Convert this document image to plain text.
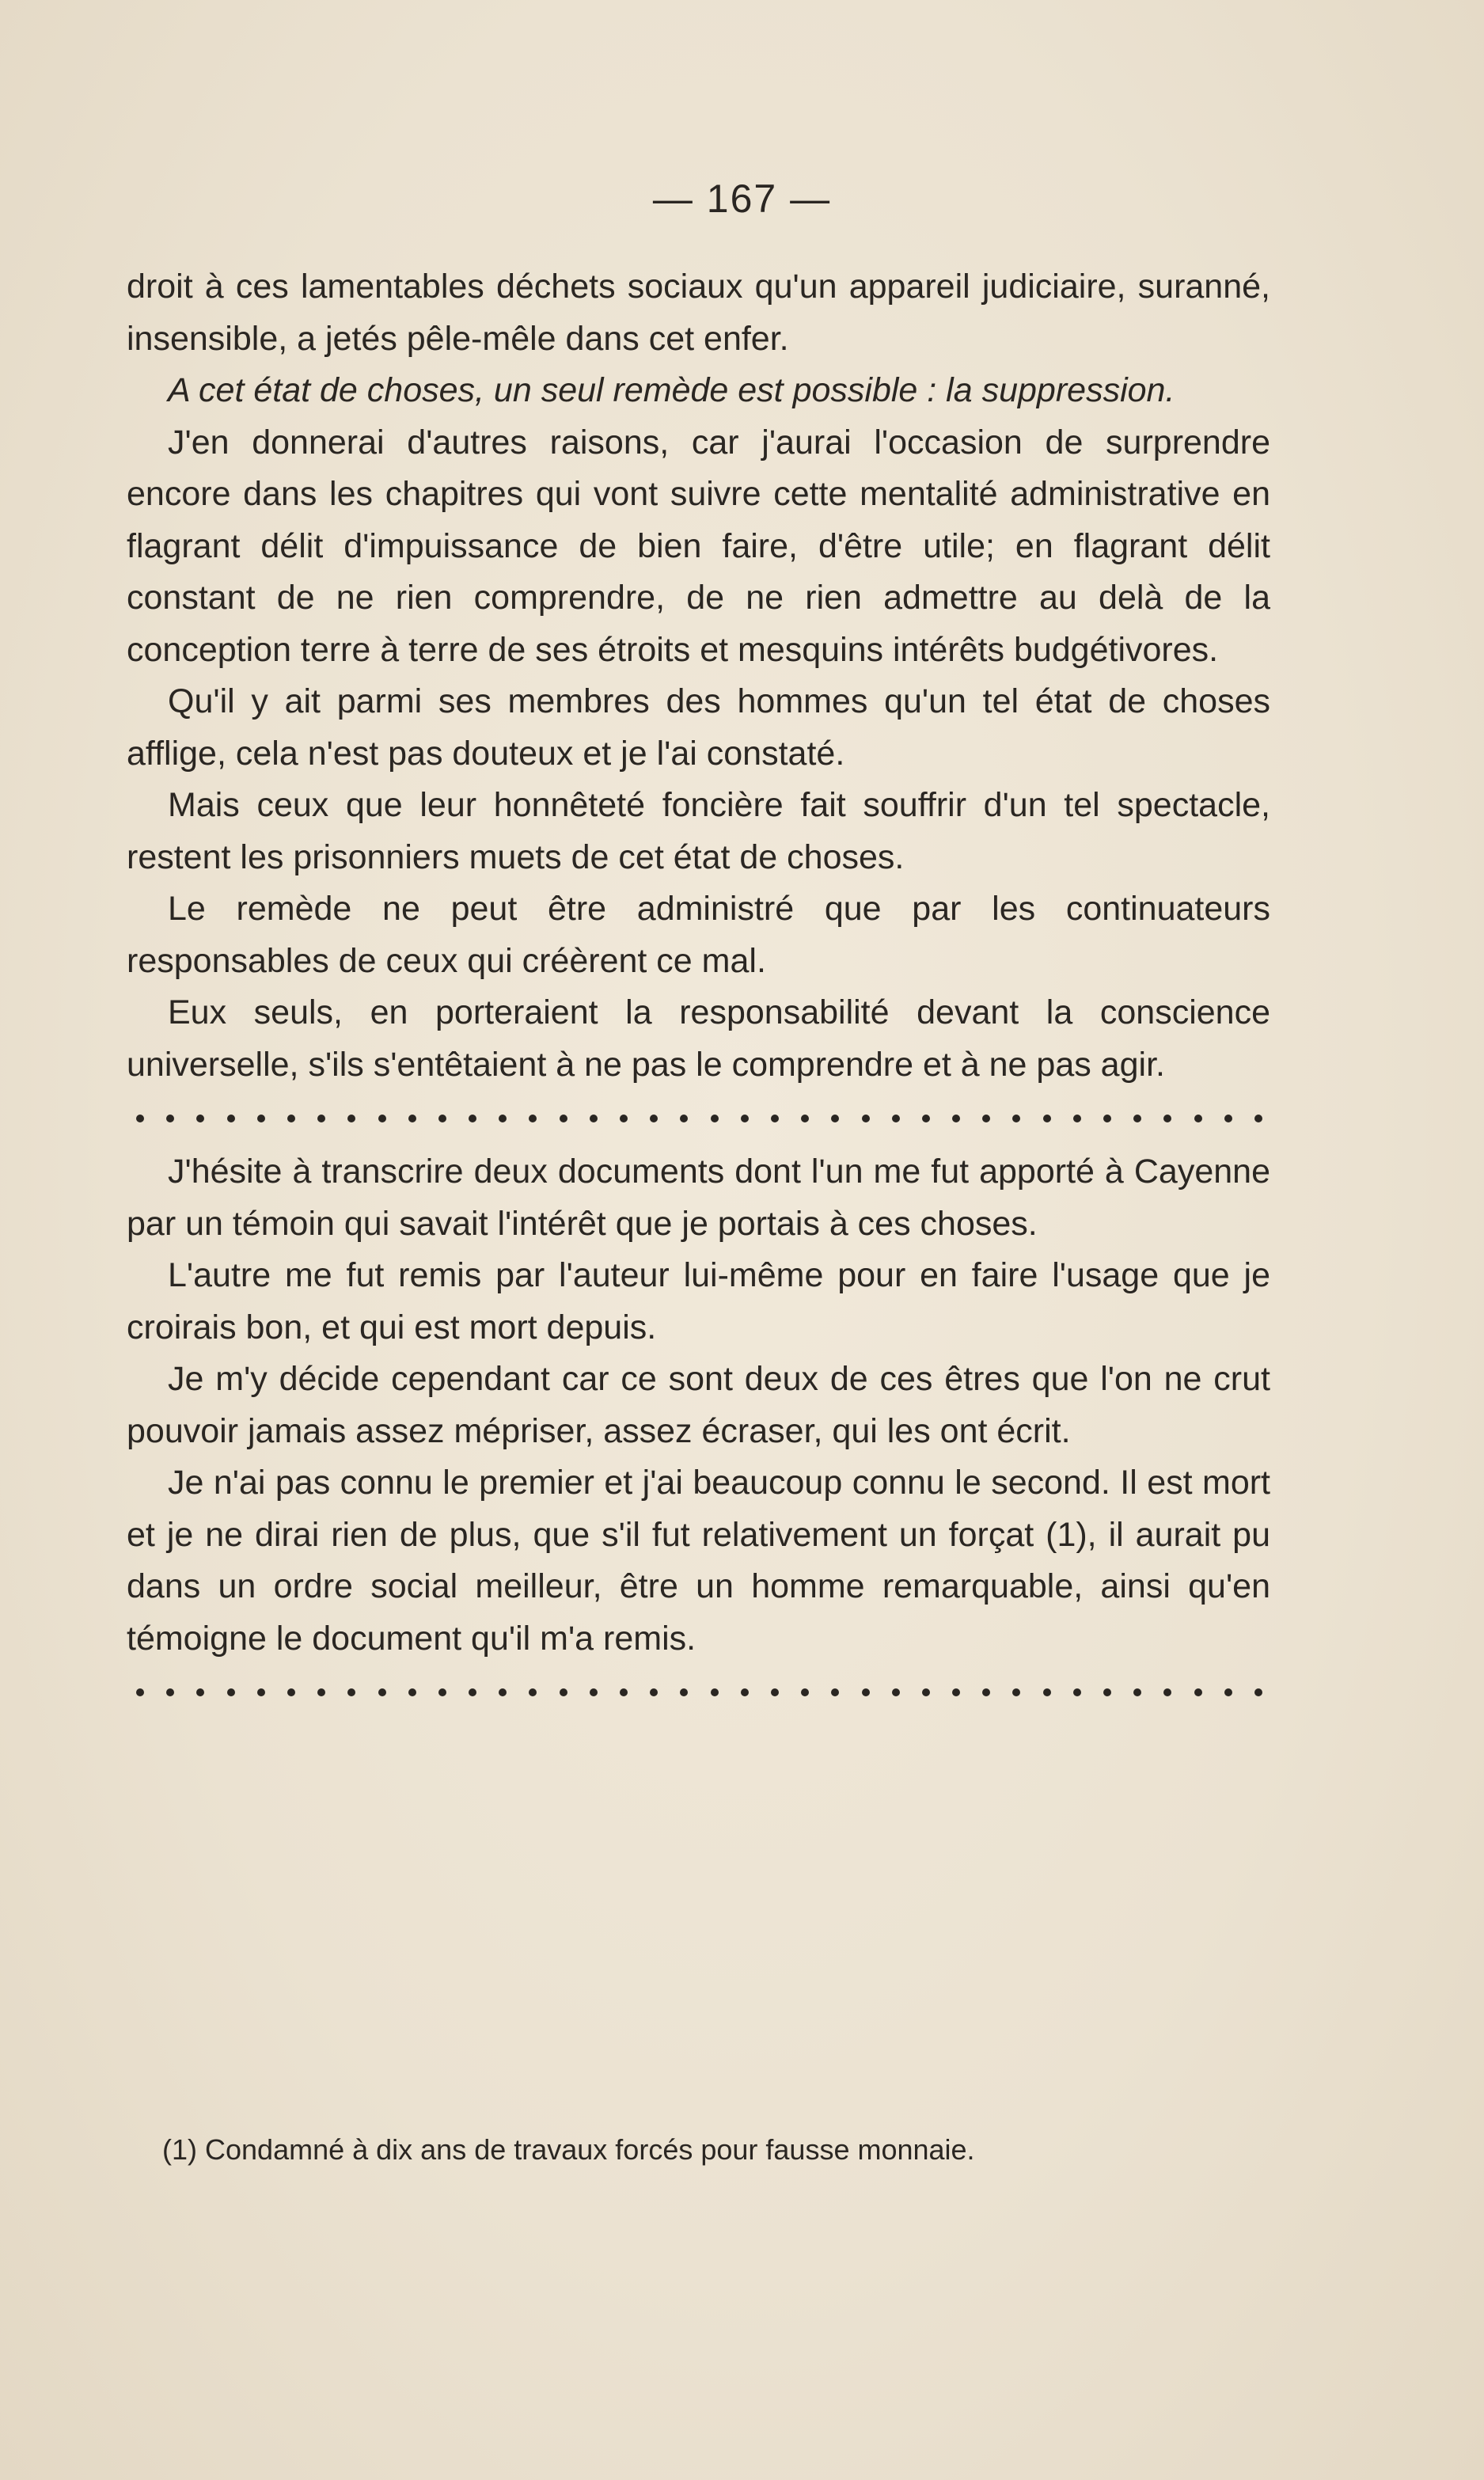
— 167 —

droit à ces lamentables déchets sociaux qu'un appareil judiciaire, suranné, insensible, a jetés pêle-mêle dans cet enfer.

A cet état de choses, un seul remède est possible : la suppression.

J'en donnerai d'autres raisons, car j'aurai l'occasion de surprendre encore dans les chapitres qui vont suivre cette mentalité administrative en flagrant délit d'impuissance de bien faire, d'être utile; en flagrant délit constant de ne rien comprendre, de ne rien admettre au delà de la conception terre à terre de ses étroits et mesquins intérêts budgétivores.

Qu'il y ait parmi ses membres des hommes qu'un tel état de choses afflige, cela n'est pas douteux et je l'ai constaté.

Mais ceux que leur honnêteté foncière fait souffrir d'un tel spectacle, restent les prisonniers muets de cet état de choses.

Le remède ne peut être administré que par les continuateurs responsables de ceux qui créèrent ce mal.

Eux seuls, en porteraient la responsabilité devant la conscience universelle, s'ils s'entêtaient à ne pas le comprendre et à ne pas agir.

J'hésite à transcrire deux documents dont l'un me fut apporté à Cayenne par un témoin qui savait l'intérêt que je portais à ces choses.

L'autre me fut remis par l'auteur lui-même pour en faire l'usage que je croirais bon, et qui est mort depuis.

Je m'y décide cependant car ce sont deux de ces êtres que l'on ne crut pouvoir jamais assez mépriser, assez écraser, qui les ont écrit.

Je n'ai pas connu le premier et j'ai beaucoup connu le second. Il est mort et je ne dirai rien de plus, que s'il fut relativement un forçat (1), il aurait pu dans un ordre social meilleur, être un homme remarquable, ainsi qu'en témoigne le document qu'il m'a remis.

(1) Condamné à dix ans de travaux forcés pour fausse monnaie.
